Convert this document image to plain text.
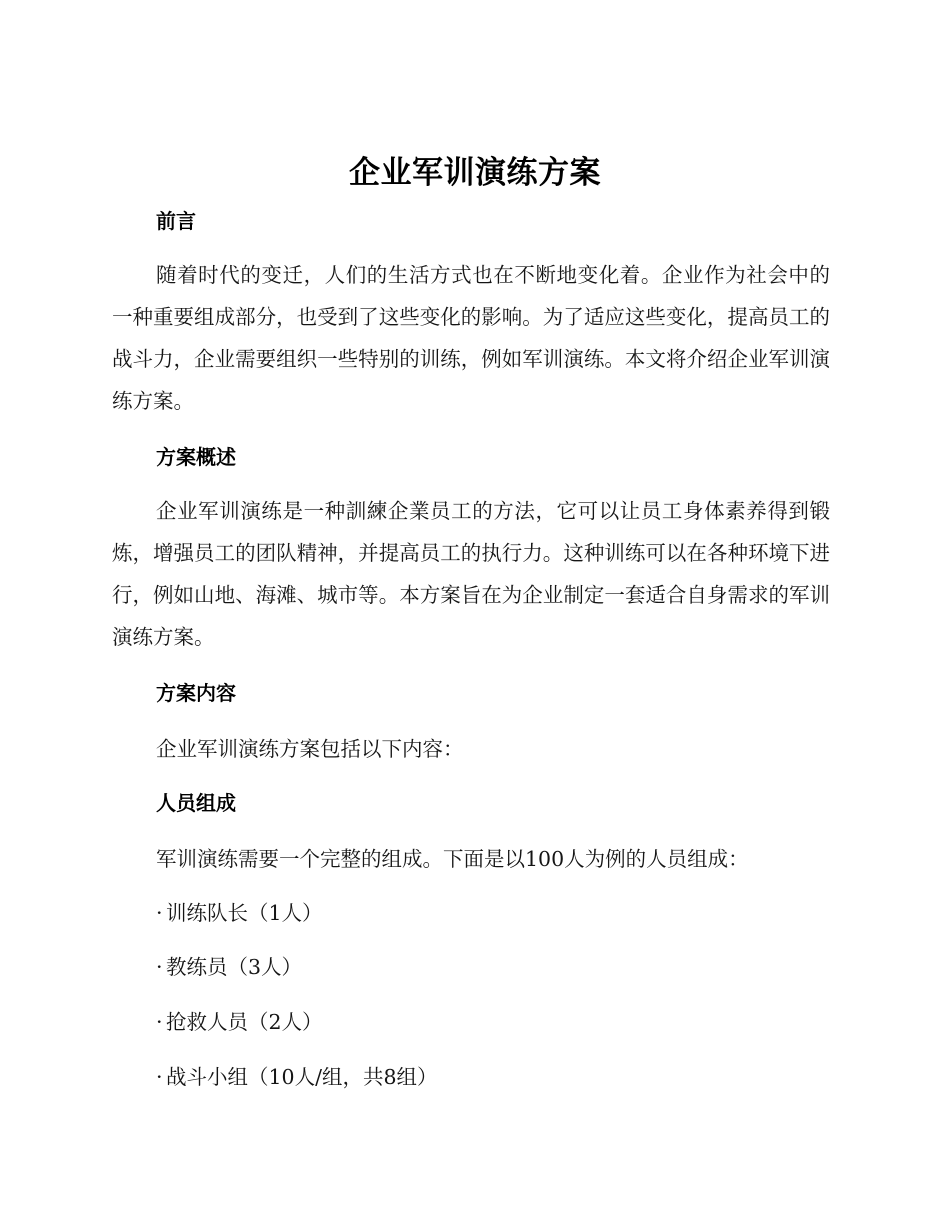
企业军训演练方案
前言
随着时代的变迁，人们的生活方式也在不断地变化着。企业作为社会中的一种重要组成部分，也受到了这些变化的影响。为了适应这些变化，提高员工的战斗力，企业需要组织一些特别的训练，例如军训演练。本文将介绍企业军训演练方案。
方案概述
企业军训演练是一种訓練企業员工的方法，它可以让员工身体素养得到锻炼，增强员工的团队精神，并提高员工的执行力。这种训练可以在各种环境下进行，例如山地、海滩、城市等。本方案旨在为企业制定一套适合自身需求的军训演练方案。
方案内容
企业军训演练方案包括以下内容：
人员组成
军训演练需要一个完整的组成。下面是以100人为例的人员组成：
· 训练队长（1人）
· 教练员（3人）
· 抢救人员（2人）
· 战斗小组（10人/组，共8组）
